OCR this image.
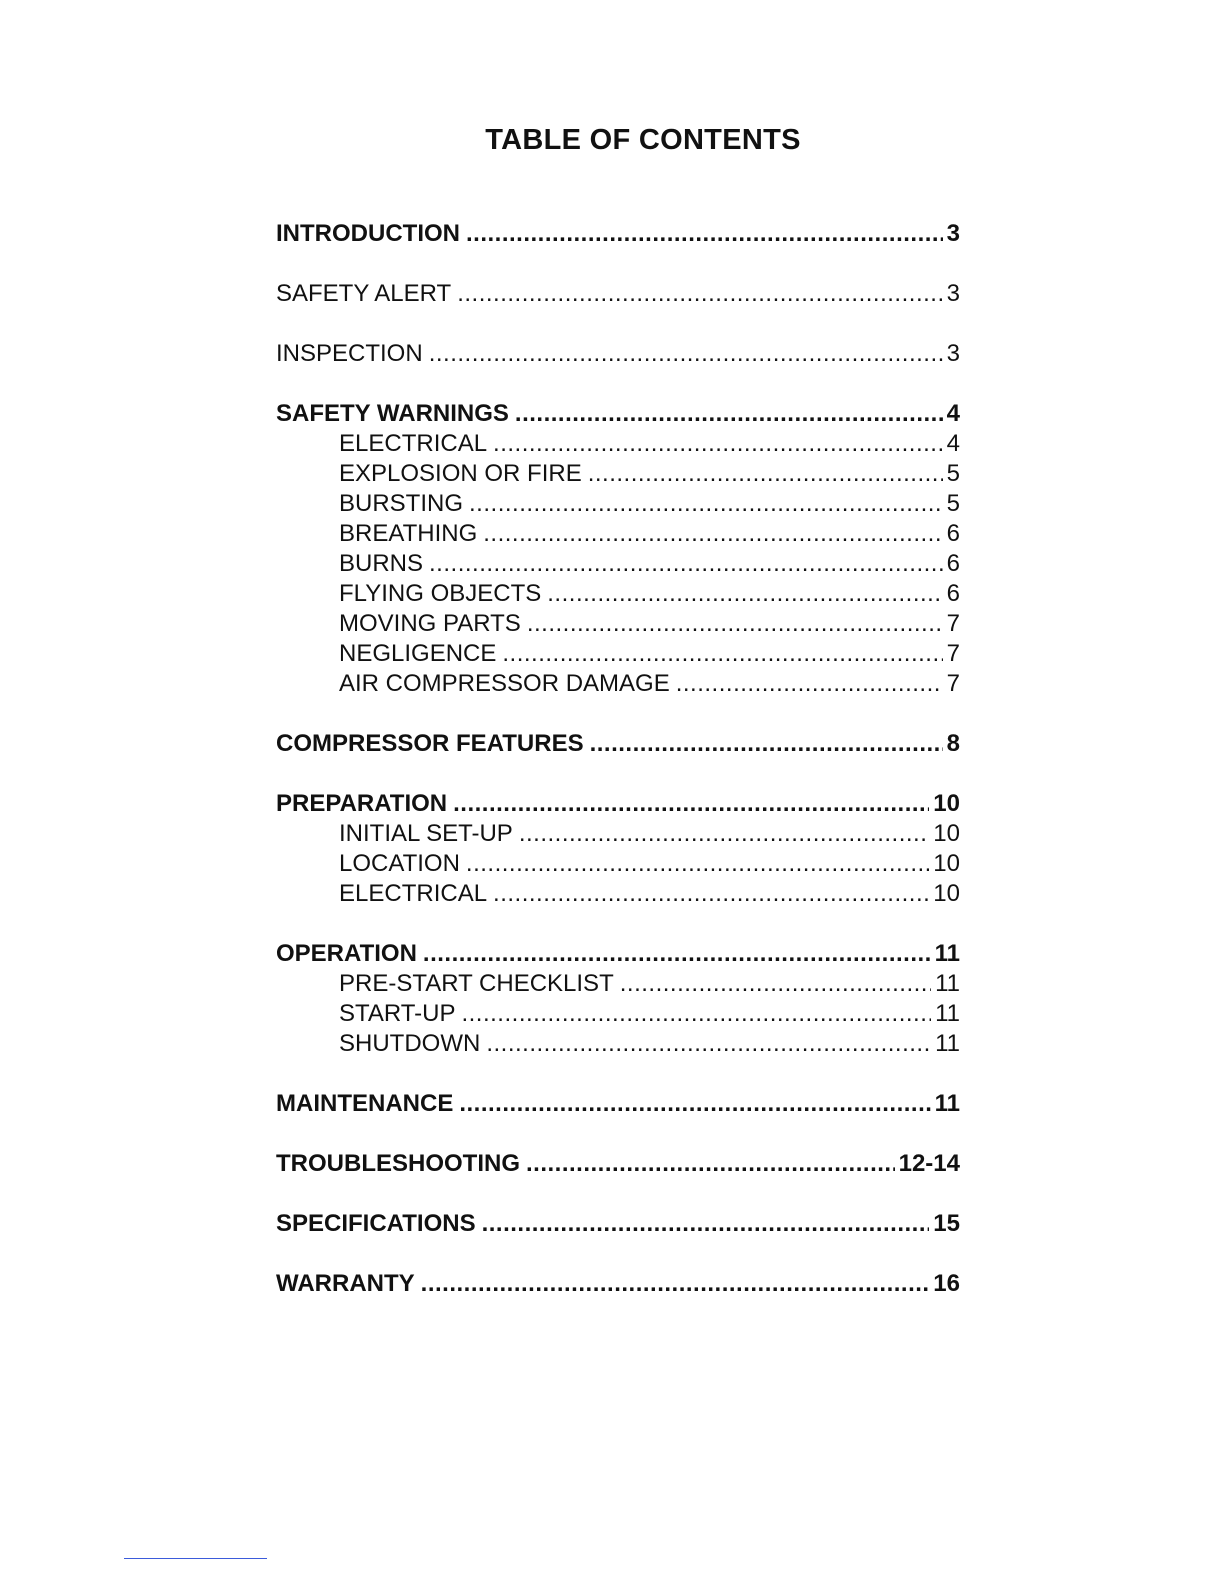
TABLE OF CONTENTS
INTRODUCTION .....	3
SAFETY ALERT .....	3
INSPECTION .....	3
SAFETY WARNINGS .....	4
ELECTRICAL .....	4
EXPLOSION OR FIRE .....	5
BURSTING .....	5
BREATHING .....	6
BURNS .....	6
FLYING OBJECTS .....	6
MOVING PARTS .....	7
NEGLIGENCE .....	7
AIR COMPRESSOR DAMAGE .....	7
COMPRESSOR FEATURES .....	8
PREPARATION .....	10
INITIAL SET-UP .....	10
LOCATION .....	10
ELECTRICAL .....	10
OPERATION .....	11
PRE-START CHECKLIST .....	11
START-UP .....	11
SHUTDOWN .....	11
MAINTENANCE .....	11
TROUBLESHOOTING .....	12-14
SPECIFICATIONS .....	15
WARRANTY .....	16
